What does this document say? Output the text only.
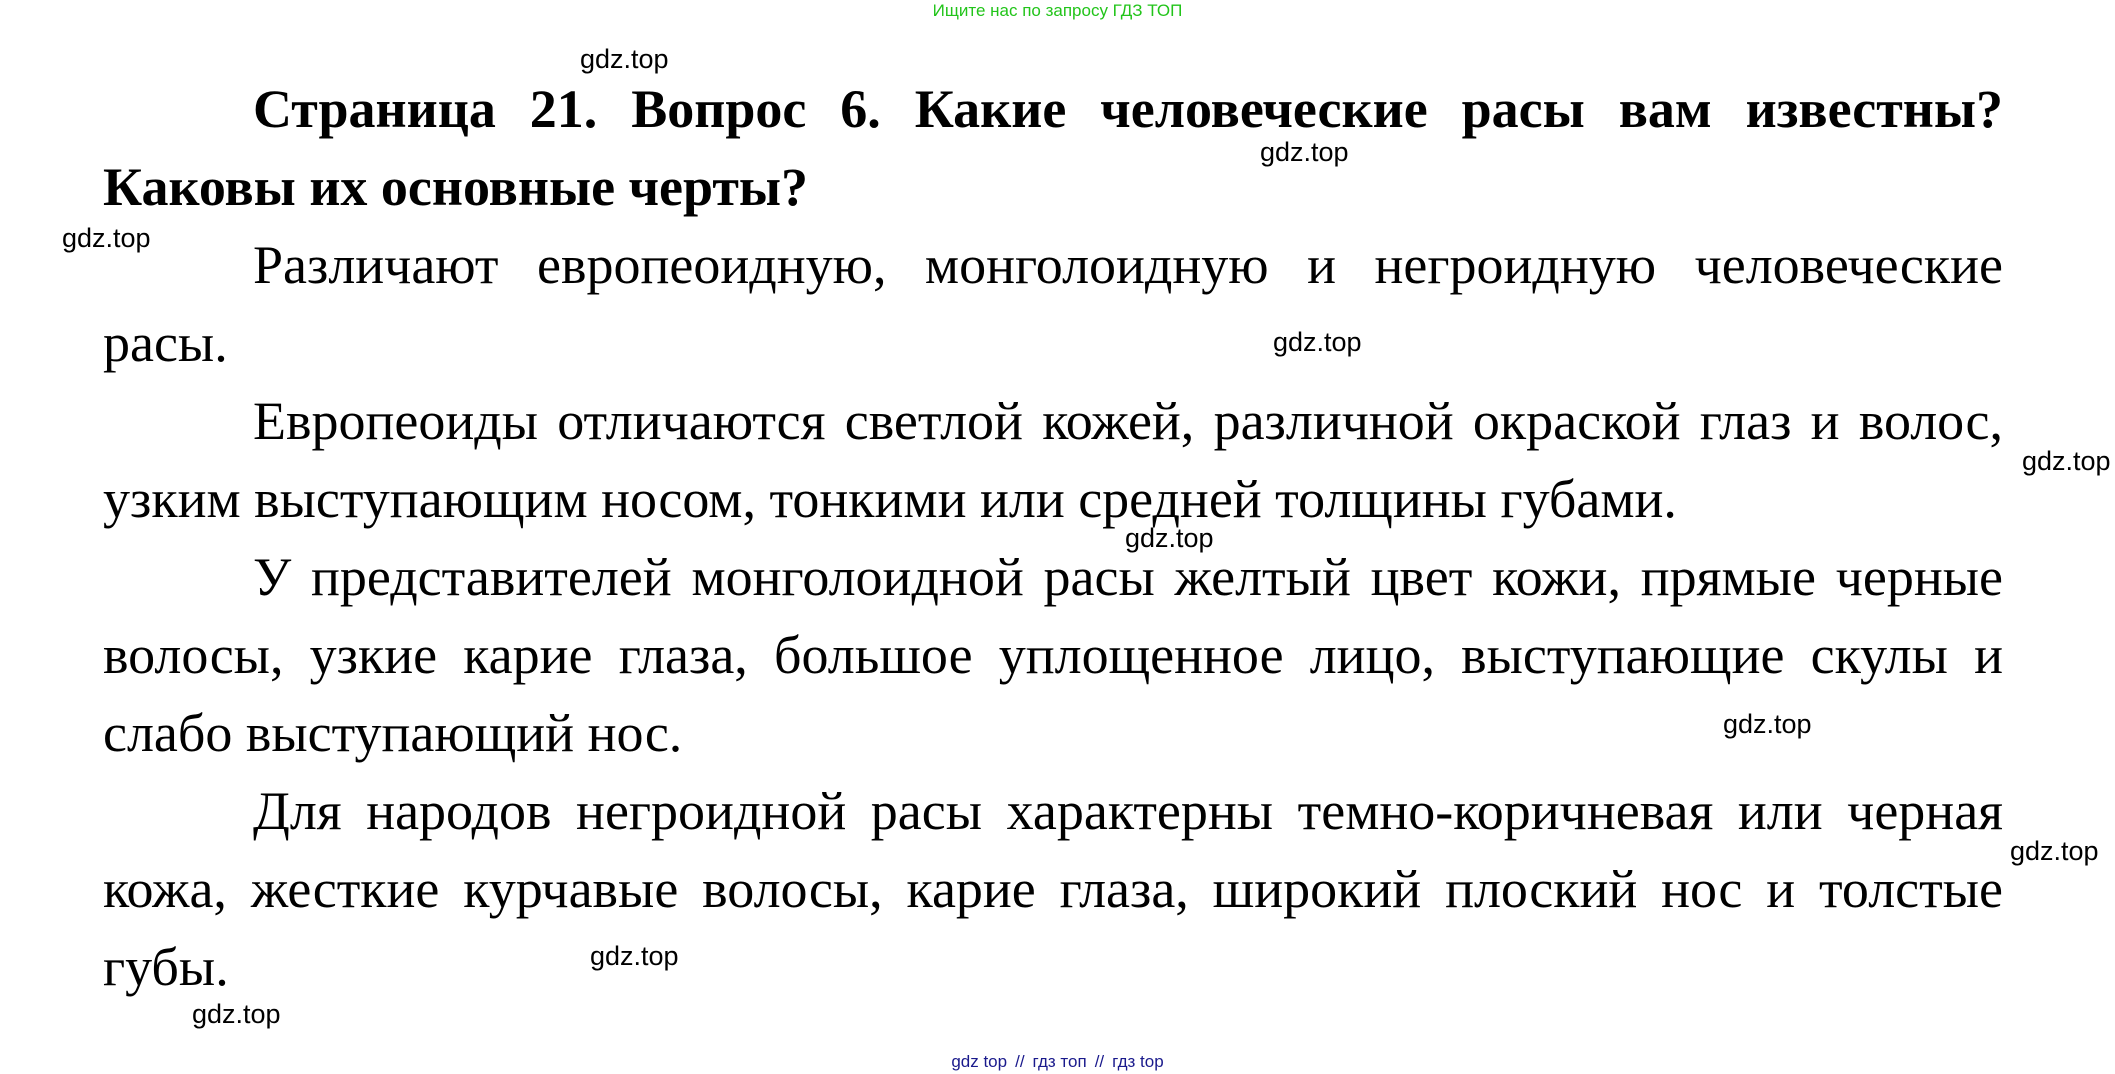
Ищите нас по запросу ГДЗ ТОП

Страница 21. Вопрос 6. Какие человеческие расы вам известны? Каковы их основные черты?

Различают европеоидную, монголоидную и негроидную человеческие расы.

Европеоиды отличаются светлой кожей, различной окраской глаз и волос, узким выступающим носом, тонкими или средней толщины губами.

У представителей монголоидной расы желтый цвет кожи, прямые черные волосы, узкие карие глаза, большое уплощенное лицо, выступающие скулы и слабо выступающий нос.

Для народов негроидной расы характерны темно-коричневая или черная кожа, жесткие курчавые волосы, карие глаза, широкий плоский нос и толстые губы.

gdz.top
gdz.top
gdz.top
gdz.top
gdz.top
gdz.top
gdz.top
gdz.top
gdz.top
gdz.top
gdz top // гдз топ // гдз top
